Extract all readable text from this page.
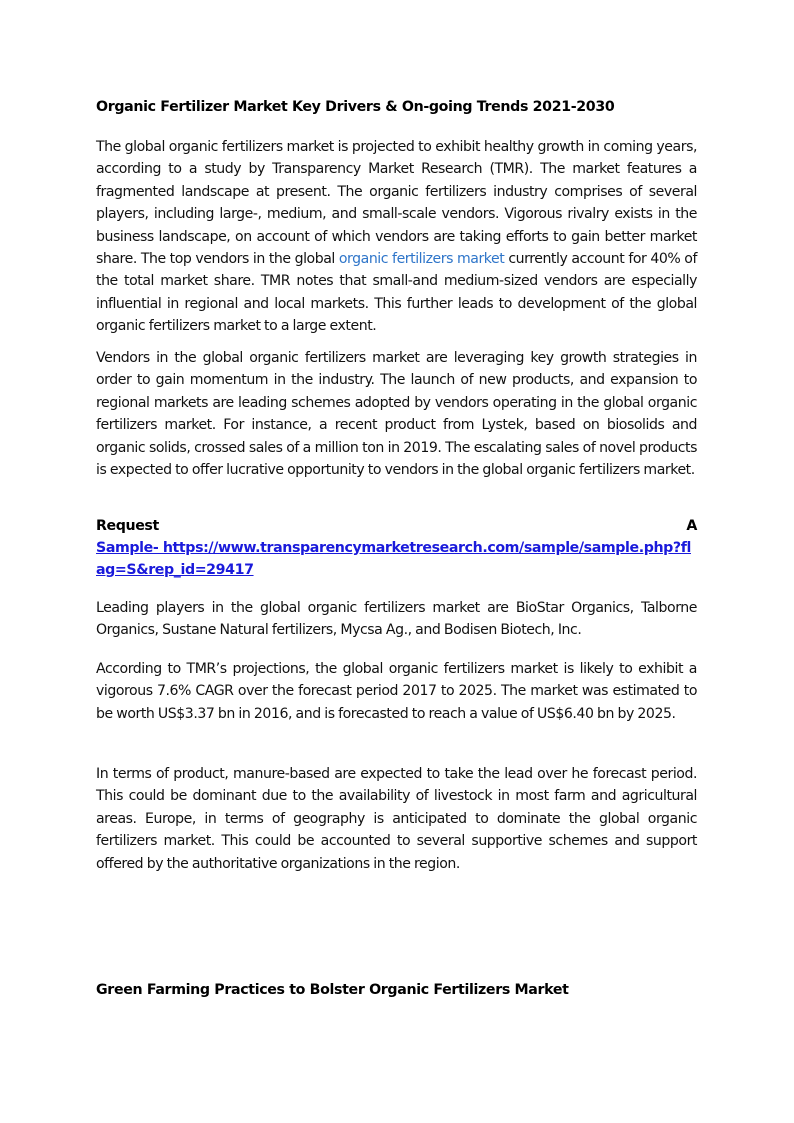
Organic Fertilizer Market Key Drivers & On-going Trends 2021-2030

The global organic fertilizers market is projected to exhibit healthy growth in coming years, according to a study by Transparency Market Research (TMR). The market features a fragmented landscape at present. The organic fertilizers industry comprises of several players, including large-, medium, and small-scale vendors. Vigorous rivalry exists in the business landscape, on account of which vendors are taking efforts to gain better market share. The top vendors in the global organic fertilizers market currently account for 40% of the total market share. TMR notes that small-and medium-sized vendors are especially influential in regional and local markets. This further leads to development of the global organic fertilizers market to a large extent.

Vendors in the global organic fertilizers market are leveraging key growth strategies in order to gain momentum in the industry. The launch of new products, and expansion to regional markets are leading schemes adopted by vendors operating in the global organic fertilizers market. For instance, a recent product from Lystek, based on biosolids and organic solids, crossed sales of a million ton in 2019. The escalating sales of novel products is expected to offer lucrative opportunity to vendors in the global organic fertilizers market.

Request	A
Sample- https://www.transparencymarketresearch.com/sample/sample.php?flag=S&rep_id=29417

Leading players in the global organic fertilizers market are BioStar Organics, Talborne Organics, Sustane Natural fertilizers, Mycsa Ag., and Bodisen Biotech, Inc.

According to TMR’s projections, the global organic fertilizers market is likely to exhibit a vigorous 7.6% CAGR over the forecast period 2017 to 2025. The market was estimated to be worth US$3.37 bn in 2016, and is forecasted to reach a value of US$6.40 bn by 2025.

In terms of product, manure-based are expected to take the lead over he forecast period. This could be dominant due to the availability of livestock in most farm and agricultural areas. Europe, in terms of geography is anticipated to dominate the global organic fertilizers market. This could be accounted to several supportive schemes and support offered by the authoritative organizations in the region.

Green Farming Practices to Bolster Organic Fertilizers Market
